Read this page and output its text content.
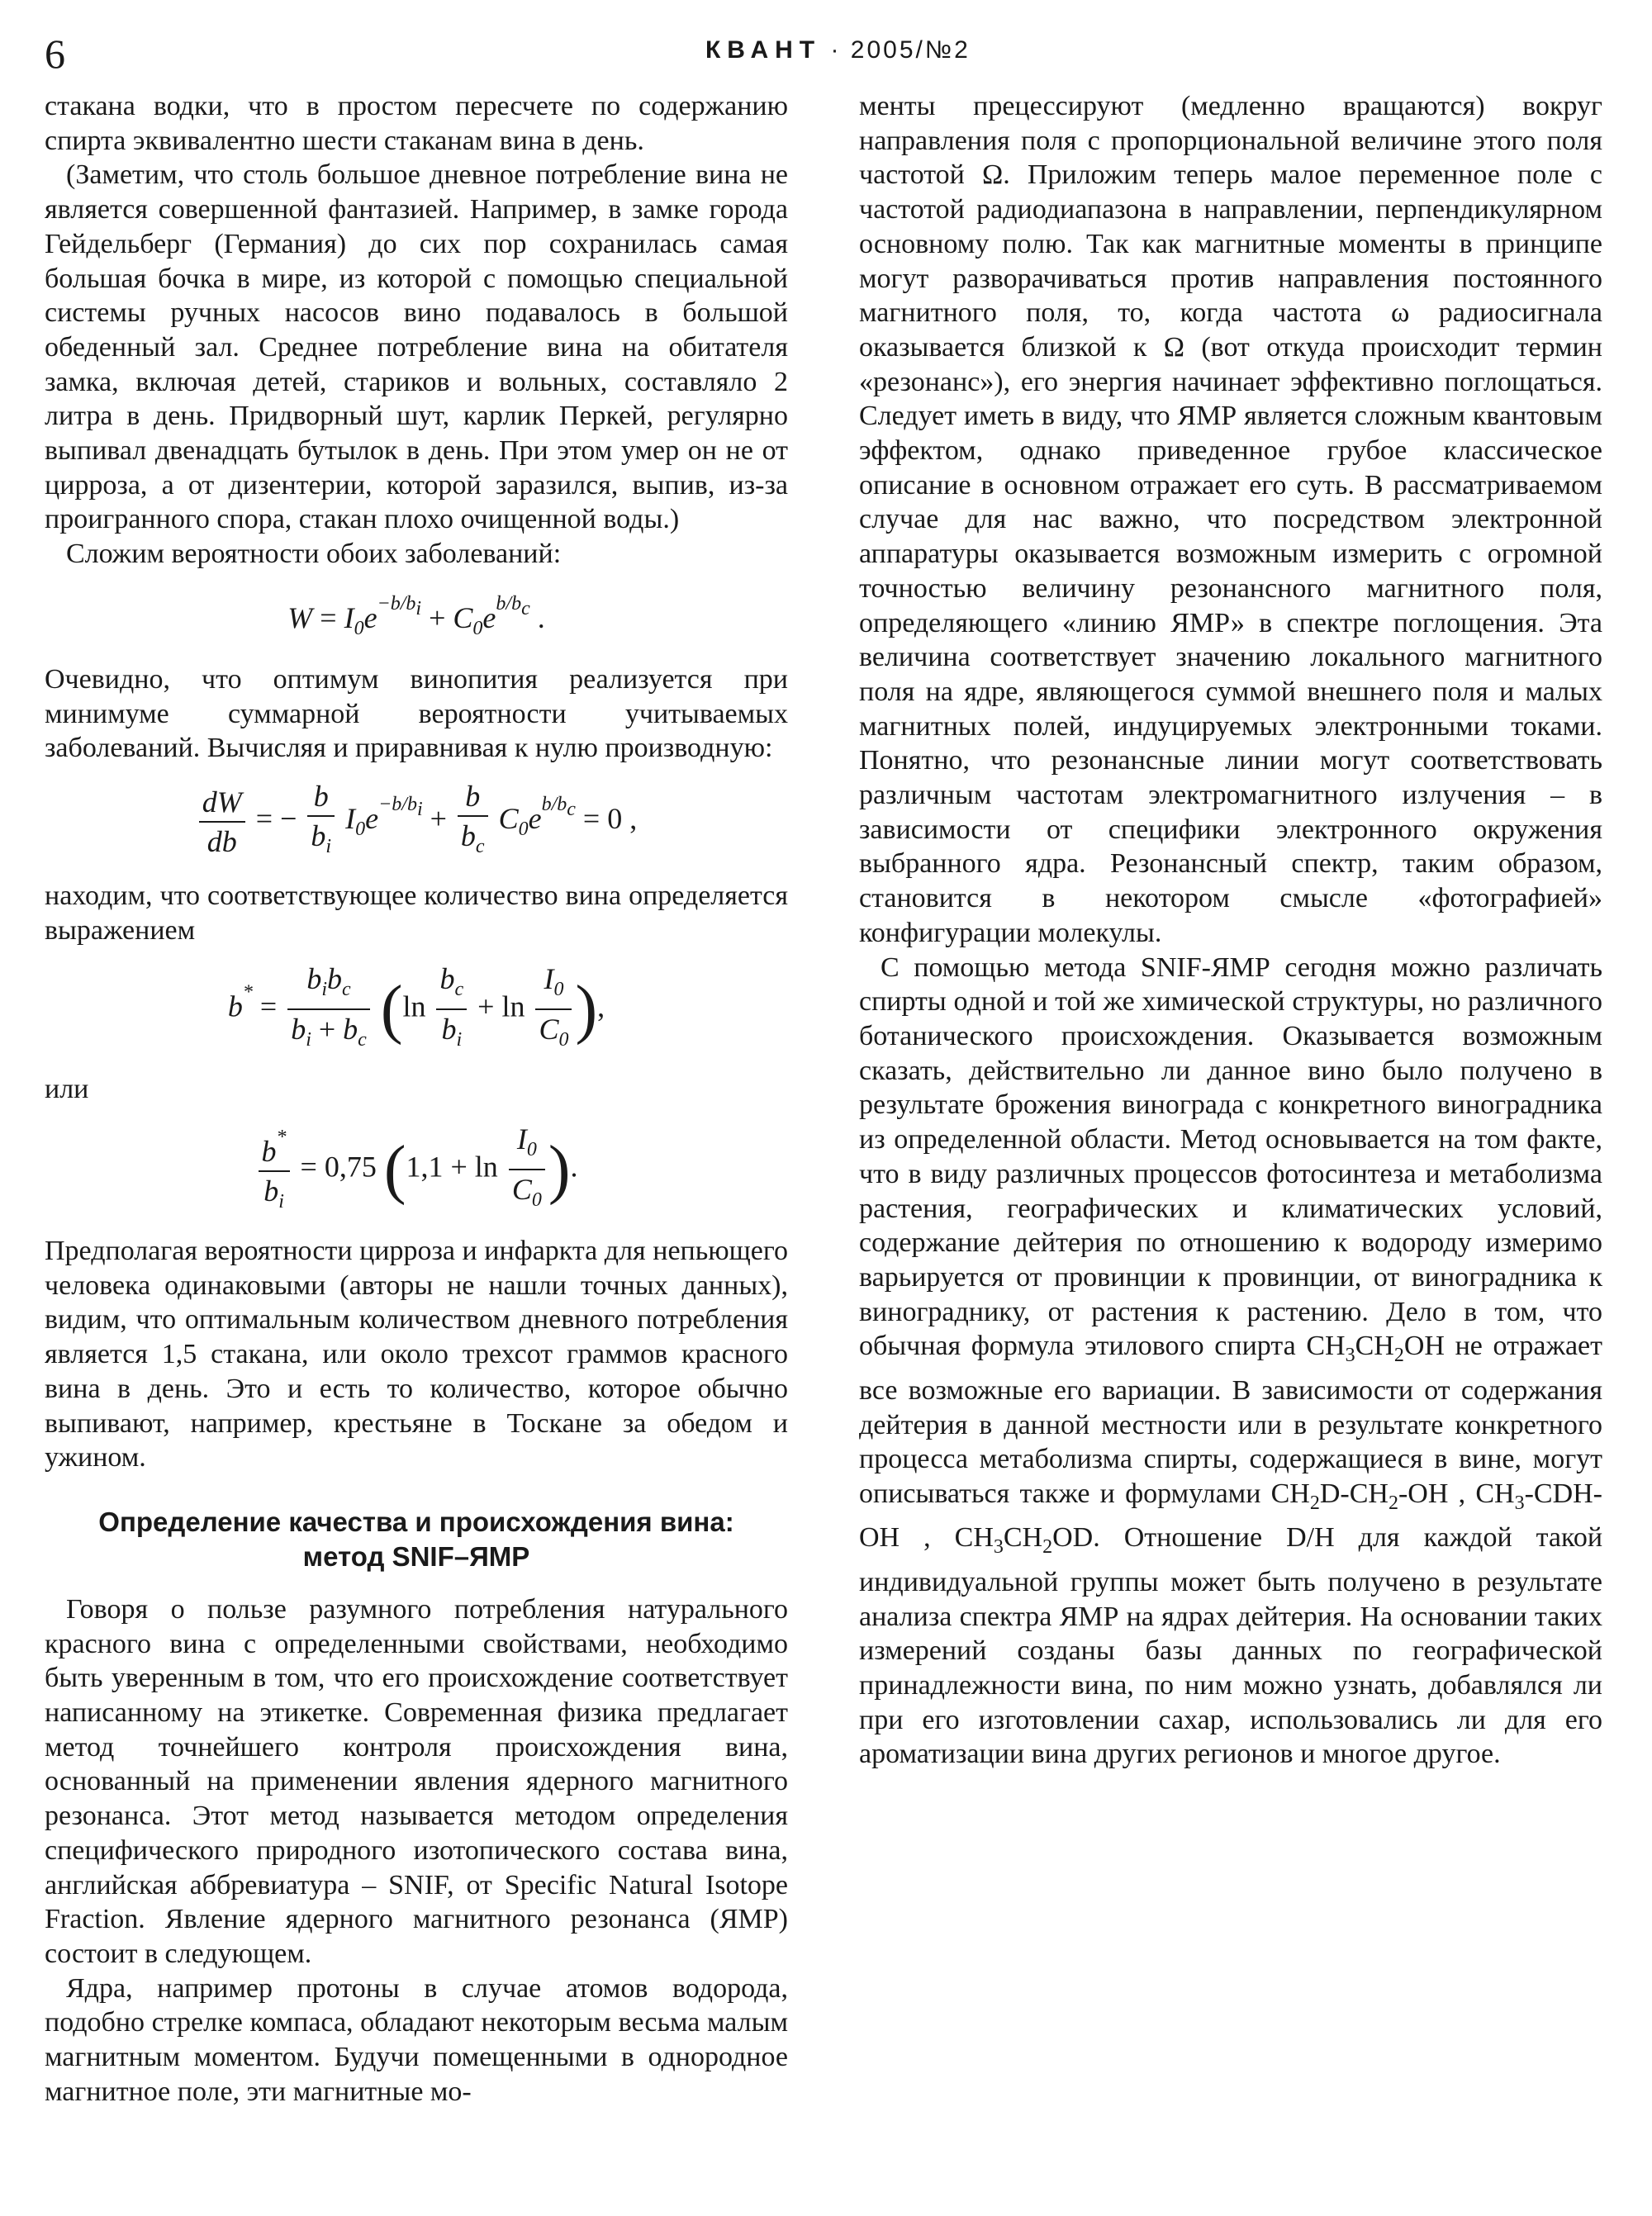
6	КВАНТ · 2005/№2

стакана водки, что в простом пересчете по содержанию спирта эквивалентно шести стаканам вина в день.

(Заметим, что столь большое дневное потребление вина не является совершенной фантазией. Например, в замке города Гейдельберг (Германия) до сих пор сохранилась самая большая бочка в мире, из которой с помощью специальной системы ручных насосов вино подавалось в большой обеденный зал. Среднее потребление вина на обитателя замка, включая детей, стариков и вольных, составляло 2 литра в день. Придворный шут, карлик Перкей, регулярно выпивал двенадцать бутылок в день. При этом умер он не от цирроза, а от дизентерии, которой заразился, выпив, из-за проигранного спора, стакан плохо очищенной воды.)

Сложим вероятности обоих заболеваний:

$W = I_0e^{-b/b_i} + C_0e^{b/b_c}$ .

Очевидно, что оптимум винопития реализуется при минимуме суммарной вероятности учитываемых заболеваний. Вычисляя и приравнивая к нулю производную:

$\frac{dW}{db}$ = − $\frac{b}{b_i} I_0e^{-b/b_i} + \frac{b}{b_c} C_0e^{b/b_c} = 0$ ,

находим, что соответствующее количество вина определяется выражением

$b^* = \frac{b_ib_c}{b_i + b_c} (\ln \frac{b_c}{b_i} + \ln \frac{I_0}{C_0}$ ),

или

$\frac{b^*}{b_i} = 0,75$ ($1,1 + \ln \frac{I_0}{C_0}$ ).

Предполагая вероятности цирроза и инфаркта для непьющего человека одинаковыми (авторы не нашли точных данных), видим, что оптимальным количеством дневного потребления является 1,5 стакана, или около трехсот граммов красного вина в день. Это и есть то количество, которое обычно выпивают, например, крестьяне в Тоскане за обедом и ужином.

Определение качества и происхождения вина:
метод SNIF–ЯМР

Говоря о пользе разумного потребления натурального красного вина с определенными свойствами, необходимо быть уверенным в том, что его происхождение соответствует написанному на этикетке. Современная физика предлагает метод точнейшего контроля происхождения вина, основанный на применении явления ядерного магнитного резонанса. Этот метод называется методом определения специфического природного изотопического состава вина, английская аббревиатура – SNIF, от Specific Natural Isotope Fraction. Явление ядерного магнитного резонанса (ЯМР) состоит в следующем.

Ядра, например протоны в случае атомов водорода, подобно стрелке компаса, обладают некоторым весьма малым магнитным моментом. Будучи помещенными в однородное магнитное поле, эти магнитные мо-

менты прецессируют (медленно вращаются) вокруг направления поля с пропорциональной величине этого поля частотой Ω. Приложим теперь малое переменное поле с частотой радиодиапазона в направлении, перпендикулярном основному полю. Так как магнитные моменты в принципе могут разворачиваться против направления постоянного магнитного поля, то, когда частота ω радиосигнала оказывается близкой к Ω (вот откуда происходит термин «резонанс»), его энергия начинает эффективно поглощаться. Следует иметь в виду, что ЯМР является сложным квантовым эффектом, однако приведенное грубое классическое описание в основном отражает его суть. В рассматриваемом случае для нас важно, что посредством электронной аппаратуры оказывается возможным измерить с огромной точностью величину резонансного магнитного поля, определяющего «линию ЯМР» в спектре поглощения. Эта величина соответствует значению локального магнитного поля на ядре, являющегося суммой внешнего поля и малых магнитных полей, индуцируемых электронными токами. Понятно, что резонансные линии могут соответствовать различным частотам электромагнитного излучения – в зависимости от специфики электронного окружения выбранного ядра. Резонансный спектр, таким образом, становится в некотором смысле «фотографией» конфигурации молекулы.

С помощью метода SNIF-ЯМР сегодня можно различать спирты одной и той же химической структуры, но различного ботанического происхождения. Оказывается возможным сказать, действительно ли данное вино было получено в результате брожения винограда с конкретного виноградника из определенной области. Метод основывается на том факте, что в виду различных процессов фотосинтеза и метаболизма растения, географических и климатических условий, содержание дейтерия по отношению к водороду измеримо варьируется от провинции к провинции, от виноградника к винограднику, от растения к растению. Дело в том, что обычная формула этилового спирта $CH_3CH_2OH$ не отражает все возможные его вариации. В зависимости от содержания дейтерия в данной местности или в результате конкретного процесса метаболизма спирты, содержащиеся в вине, могут описываться также и формулами $CH_2D-CH_2-OH$ , $CH_3-CDH-OH$ , $CH_3CH_2OD$. Отношение D/H для каждой такой индивидуальной группы может быть получено в результате анализа спектра ЯМР на ядрах дейтерия. На основании таких измерений созданы базы данных по географической принадлежности вина, по ним можно узнать, добавлялся ли при его изготовлении сахар, использовались ли для его ароматизации вина других регионов и многое другое.
